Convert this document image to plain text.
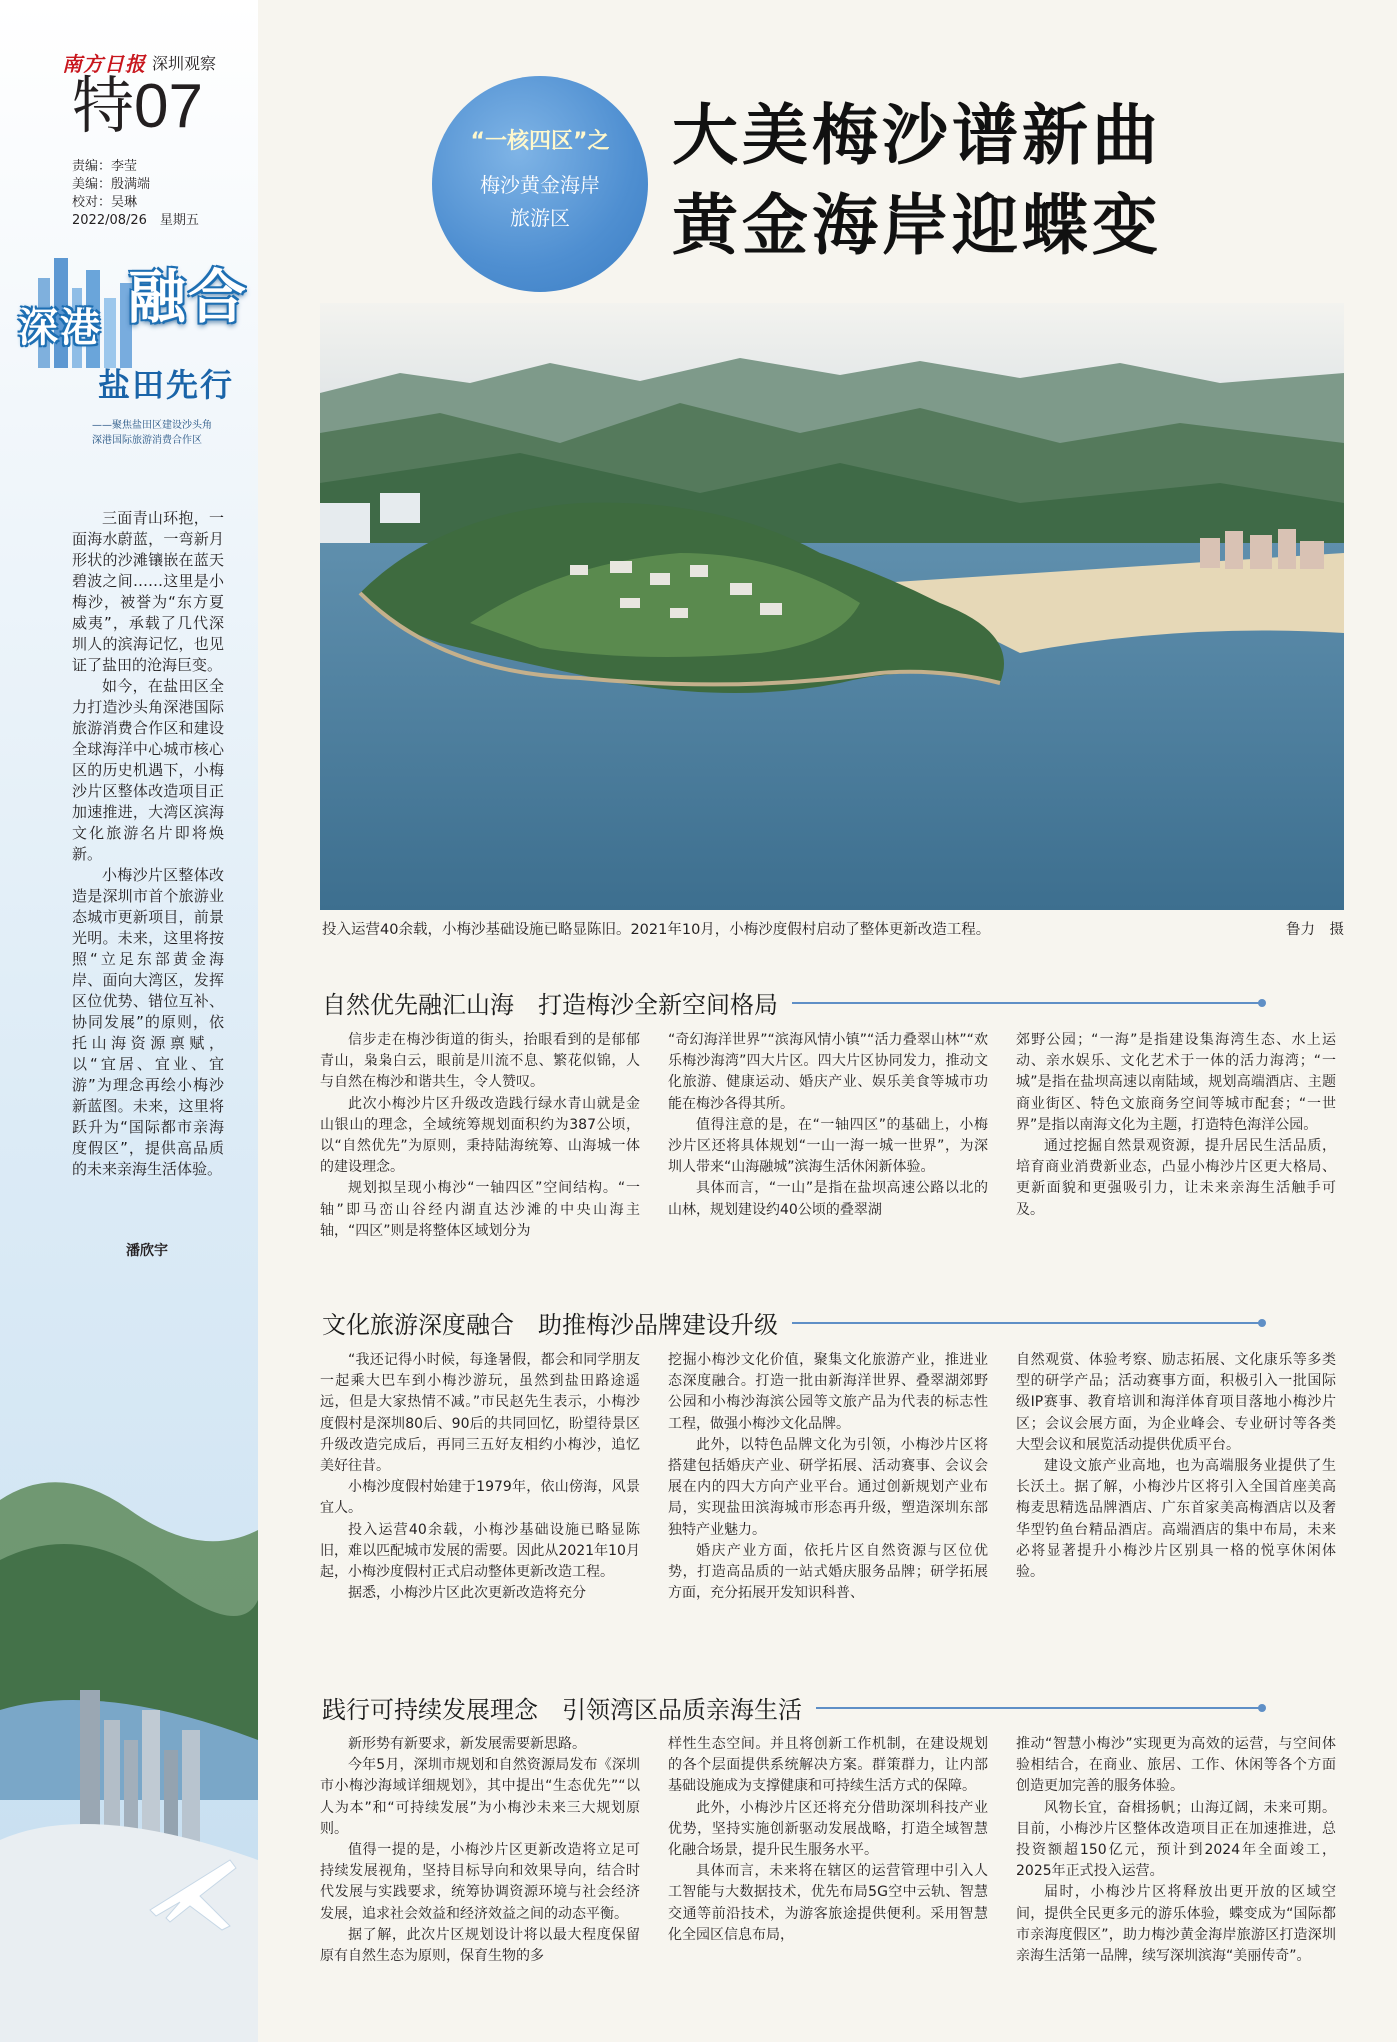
南方日报 深圳观察
特07
责编：李莹
美编：殷满端
校对：吴琳
2022/08/26　星期五
融合
深港
盐田先行
——聚焦盐田区建设沙头角
深港国际旅游消费合作区

三面青山环抱，一面海水蔚蓝，一弯新月形状的沙滩镶嵌在蓝天碧波之间……这里是小梅沙，被誉为“东方夏威夷”，承载了几代深圳人的滨海记忆，也见证了盐田的沧海巨变。

如今，在盐田区全力打造沙头角深港国际旅游消费合作区和建设全球海洋中心城市核心区的历史机遇下，小梅沙片区整体改造项目正加速推进，大湾区滨海文化旅游名片即将焕新。

小梅沙片区整体改造是深圳市首个旅游业态城市更新项目，前景光明。未来，这里将按照“立足东部黄金海岸、面向大湾区，发挥区位优势、错位互补、协同发展”的原则，依托山海资源禀赋，以“宜居、宜业、宜游”为理念再绘小梅沙新蓝图。未来，这里将跃升为“国际都市亲海度假区”，提供高品质的未来亲海生活体验。

潘欣宇
“一核四区”之
梅沙黄金海岸
旅游区
大美梅沙谱新曲
黄金海岸迎蝶变
投入运营40余载，小梅沙基础设施已略显陈旧。2021年10月，小梅沙度假村启动了整体更新改造工程。	鲁力　摄
自然优先融汇山海　打造梅沙全新空间格局

信步走在梅沙街道的街头，抬眼看到的是郁郁青山，枭枭白云，眼前是川流不息、繁花似锦，人与自然在梅沙和谐共生，令人赞叹。

此次小梅沙片区升级改造践行绿水青山就是金山银山的理念，全域统筹规划面积约为387公顷，以“自然优先”为原则，秉持陆海统筹、山海城一体的建设理念。

规划拟呈现小梅沙“一轴四区”空间结构。“一轴”即马峦山谷经内湖直达沙滩的中央山海主轴，“四区”则是将整体区域划分为

“奇幻海洋世界”“滨海风情小镇”“活力叠翠山林”“欢乐梅沙海湾”四大片区。四大片区协同发力，推动文化旅游、健康运动、婚庆产业、娱乐美食等城市功能在梅沙各得其所。

值得注意的是，在“一轴四区”的基础上，小梅沙片区还将具体规划“一山一海一城一世界”，为深圳人带来“山海融城”滨海生活休闲新体验。

具体而言，“一山”是指在盐坝高速公路以北的山林，规划建设约40公顷的叠翠湖

郊野公园；“一海”是指建设集海湾生态、水上运动、亲水娱乐、文化艺术于一体的活力海湾；“一城”是指在盐坝高速以南陆域，规划高端酒店、主题商业街区、特色文旅商务空间等城市配套；“一世界”是指以南海文化为主题，打造特色海洋公园。

通过挖掘自然景观资源，提升居民生活品质，培育商业消费新业态，凸显小梅沙片区更大格局、更新面貌和更强吸引力，让未来亲海生活触手可及。

文化旅游深度融合　助推梅沙品牌建设升级

“我还记得小时候，每逢暑假，都会和同学朋友一起乘大巴车到小梅沙游玩，虽然到盐田路途遥远，但是大家热情不减。”市民赵先生表示，小梅沙度假村是深圳80后、90后的共同回忆，盼望待景区升级改造完成后，再同三五好友相约小梅沙，追忆美好往昔。

小梅沙度假村始建于1979年，依山傍海，风景宜人。

投入运营40余载，小梅沙基础设施已略显陈旧，难以匹配城市发展的需要。因此从2021年10月起，小梅沙度假村正式启动整体更新改造工程。

据悉，小梅沙片区此次更新改造将充分

挖掘小梅沙文化价值，聚集文化旅游产业，推进业态深度融合。打造一批由新海洋世界、叠翠湖郊野公园和小梅沙海滨公园等文旅产品为代表的标志性工程，做强小梅沙文化品牌。

此外，以特色品牌文化为引领，小梅沙片区将搭建包括婚庆产业、研学拓展、活动赛事、会议会展在内的四大方向产业平台。通过创新规划产业布局，实现盐田滨海城市形态再升级，塑造深圳东部独特产业魅力。

婚庆产业方面，依托片区自然资源与区位优势，打造高品质的一站式婚庆服务品牌；研学拓展方面，充分拓展开发知识科普、

自然观赏、体验考察、励志拓展、文化康乐等多类型的研学产品；活动赛事方面，积极引入一批国际级IP赛事、教育培训和海洋体育项目落地小梅沙片区；会议会展方面，为企业峰会、专业研讨等各类大型会议和展览活动提供优质平台。

建设文旅产业高地，也为高端服务业提供了生长沃土。据了解，小梅沙片区将引入全国首座美高梅麦思精选品牌酒店、广东首家美高梅酒店以及奢华型钓鱼台精品酒店。高端酒店的集中布局，未来必将显著提升小梅沙片区别具一格的悦享休闲体验。

践行可持续发展理念　引领湾区品质亲海生活

新形势有新要求，新发展需要新思路。

今年5月，深圳市规划和自然资源局发布《深圳市小梅沙海域详细规划》，其中提出“生态优先”“以人为本”和“可持续发展”为小梅沙未来三大规划原则。

值得一提的是，小梅沙片区更新改造将立足可持续发展视角，坚持目标导向和效果导向，结合时代发展与实践要求，统筹协调资源环境与社会经济发展，追求社会效益和经济效益之间的动态平衡。

据了解，此次片区规划设计将以最大程度保留原有自然生态为原则，保育生物的多

样性生态空间。并且将创新工作机制，在建设规划的各个层面提供系统解决方案。群策群力，让内部基础设施成为支撑健康和可持续生活方式的保障。

此外，小梅沙片区还将充分借助深圳科技产业优势，坚持实施创新驱动发展战略，打造全域智慧化融合场景，提升民生服务水平。

具体而言，未来将在辖区的运营管理中引入人工智能与大数据技术，优先布局5G空中云轨、智慧交通等前沿技术，为游客旅途提供便利。采用智慧化全园区信息布局，

推动“智慧小梅沙”实现更为高效的运营，与空间体验相结合，在商业、旅居、工作、休闲等各个方面创造更加完善的服务体验。

风物长宜，奋楫扬帆；山海辽阔，未来可期。目前，小梅沙片区整体改造项目正在加速推进，总投资额超150亿元，预计到2024年全面竣工，2025年正式投入运营。

届时，小梅沙片区将释放出更开放的区域空间，提供全民更多元的游乐体验，蝶变成为“国际都市亲海度假区”，助力梅沙黄金海岸旅游区打造深圳亲海生活第一品牌，续写深圳滨海“美丽传奇”。
